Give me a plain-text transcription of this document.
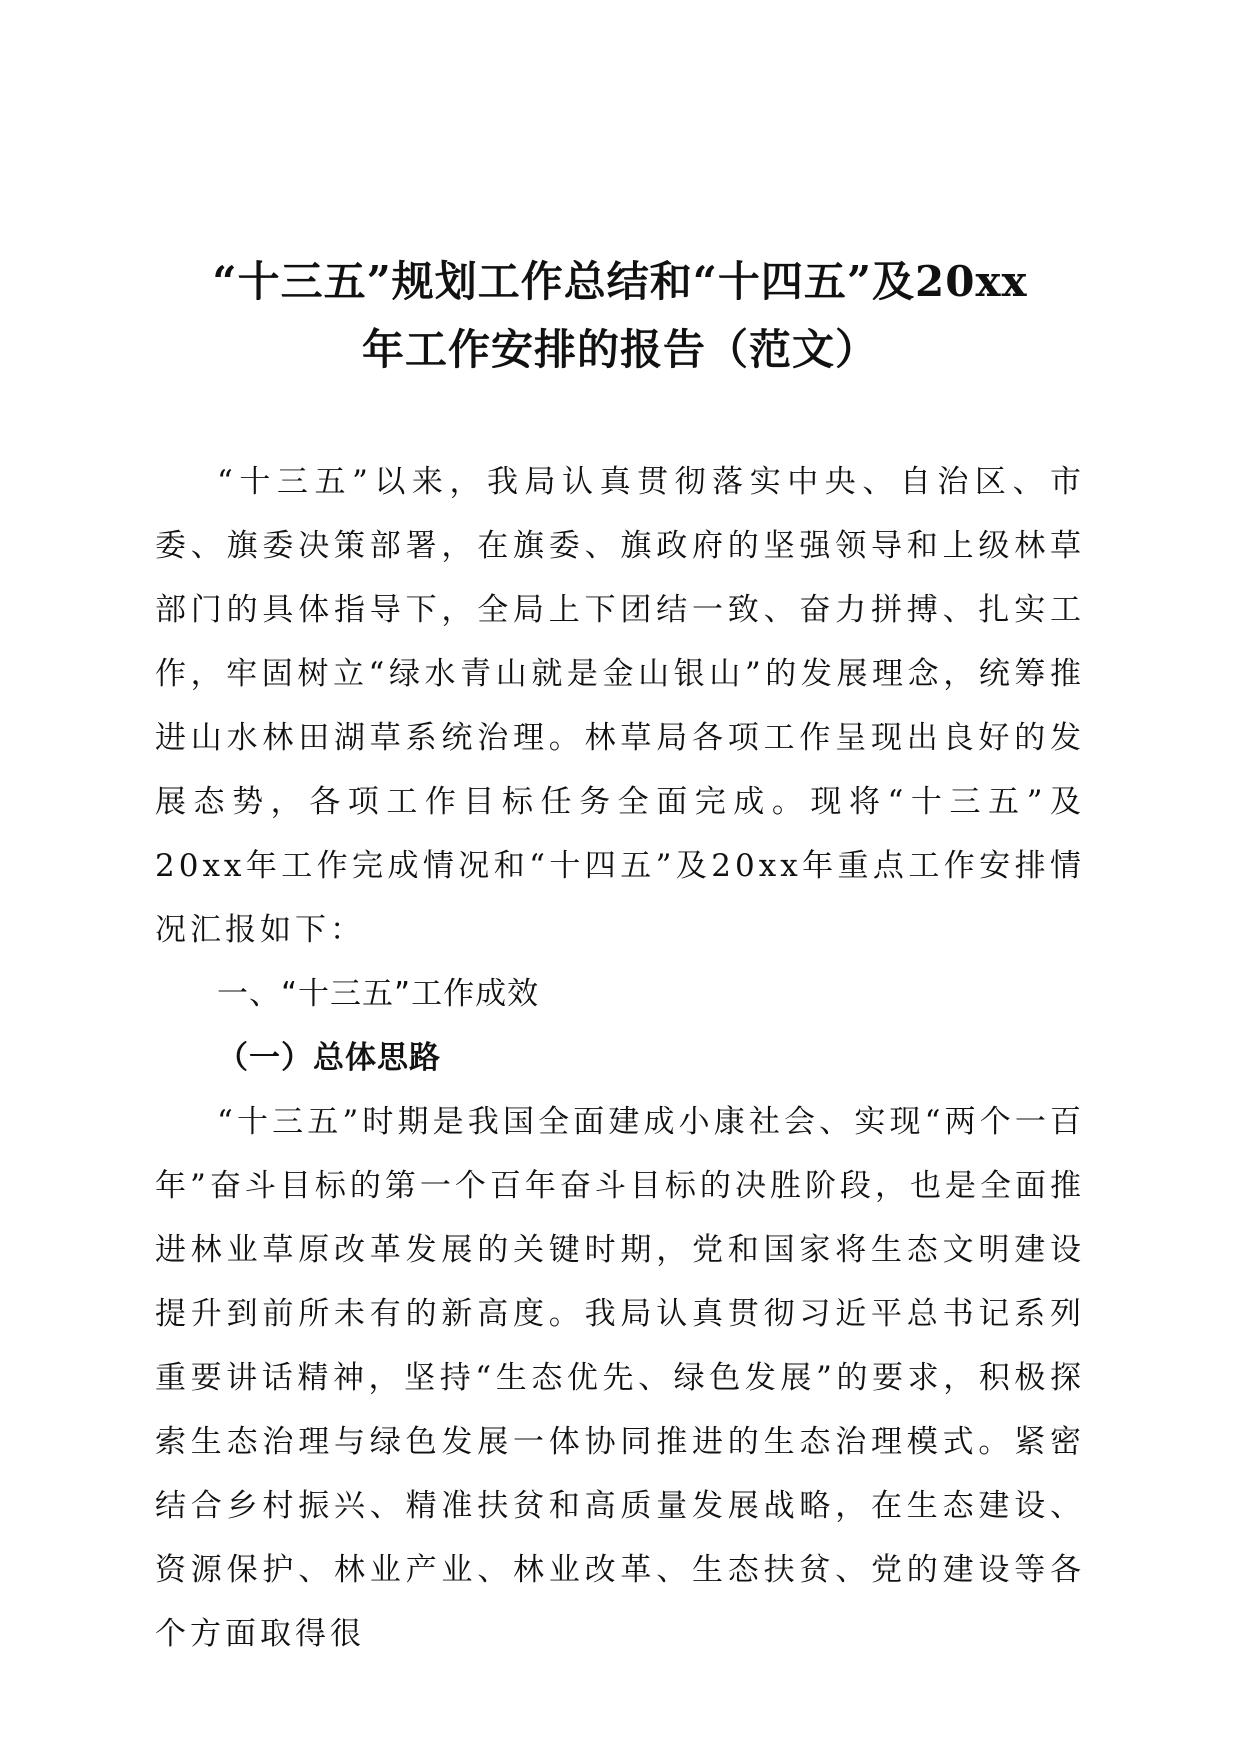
“十三五”规划工作总结和“十四五”及20xx
年工作安排的报告（范文）

“十三五”以来，我局认真贯彻落实中央、自治区、市委、旗委决策部署，在旗委、旗政府的坚强领导和上级林草部门的具体指导下，全局上下团结一致、奋力拼搏、扎实工作，牢固树立“绿水青山就是金山银山”的发展理念，统筹推进山水林田湖草系统治理。林草局各项工作呈现出良好的发展态势，各项工作目标任务全面完成。现将“十三五”及20xx年工作完成情况和“十四五”及20xx年重点工作安排情况汇报如下：

一、“十三五”工作成效
（一）总体思路

“十三五”时期是我国全面建成小康社会、实现“两个一百年”奋斗目标的第一个百年奋斗目标的决胜阶段，也是全面推进林业草原改革发展的关键时期，党和国家将生态文明建设提升到前所未有的新高度。我局认真贯彻习近平总书记系列重要讲话精神，坚持“生态优先、绿色发展”的要求，积极探索生态治理与绿色发展一体协同推进的生态治理模式。紧密结合乡村振兴、精准扶贫和高质量发展战略，在生态建设、资源保护、林业产业、林业改革、生态扶贫、党的建设等各个方面取得很
